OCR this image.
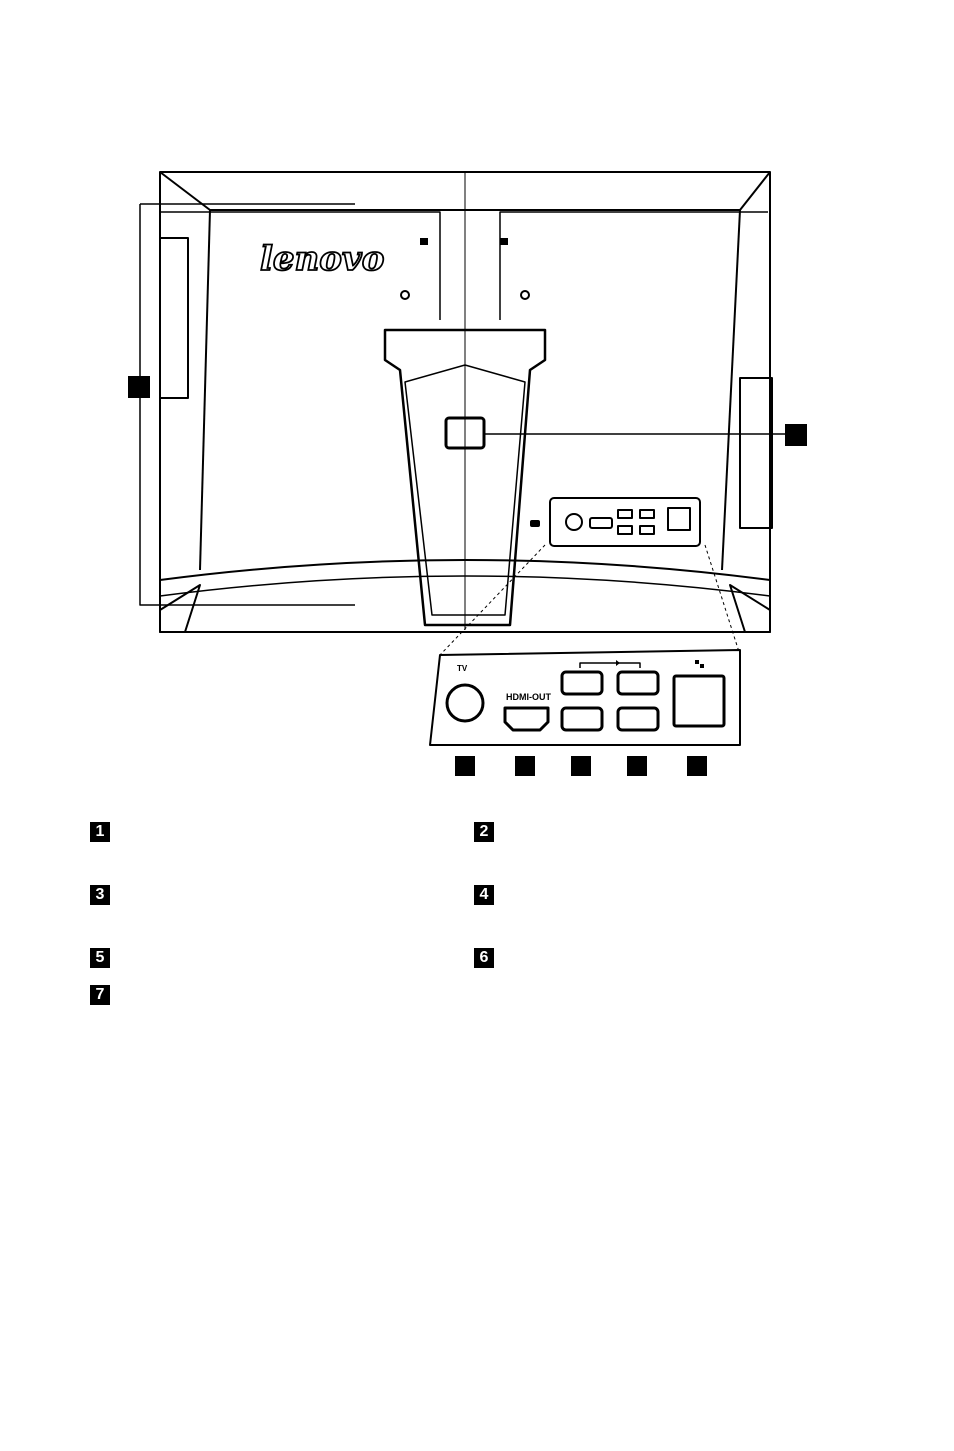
lenovo
TV
HDMI-OUT
1	2
3	4
5	6
7
